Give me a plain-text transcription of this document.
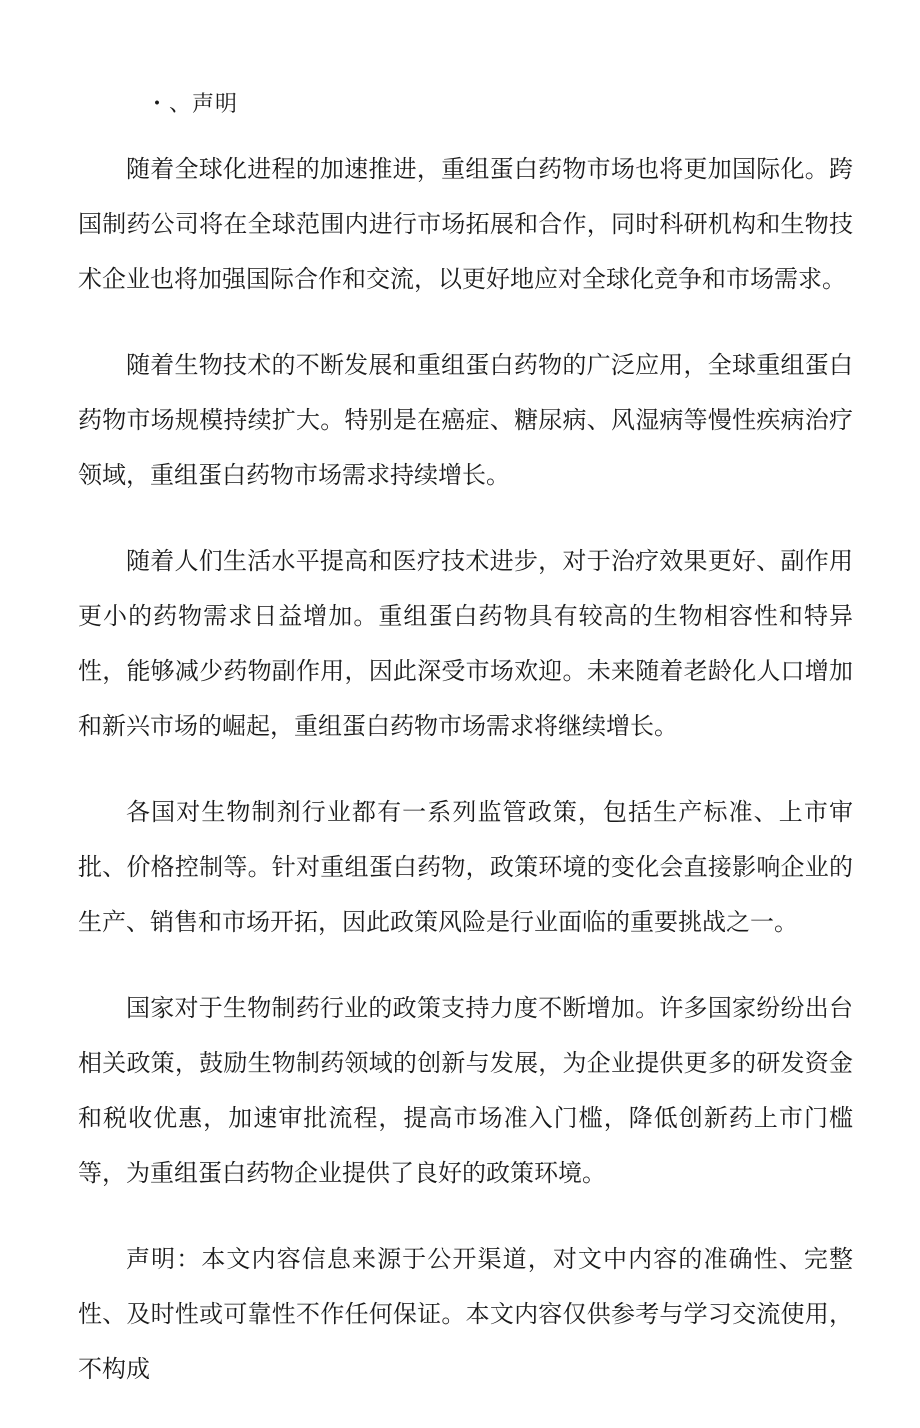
・、声明

随着全球化进程的加速推进，重组蛋白药物市场也将更加国际化。跨国制药公司将在全球范围内进行市场拓展和合作，同时科研机构和生物技术企业也将加强国际合作和交流，以更好地应对全球化竞争和市场需求。

随着生物技术的不断发展和重组蛋白药物的广泛应用，全球重组蛋白药物市场规模持续扩大。特别是在癌症、糖尿病、风湿病等慢性疾病治疗领域，重组蛋白药物市场需求持续增长。

随着人们生活水平提高和医疗技术进步，对于治疗效果更好、副作用更小的药物需求日益增加。重组蛋白药物具有较高的生物相容性和特异性，能够减少药物副作用，因此深受市场欢迎。未来随着老龄化人口增加和新兴市场的崛起，重组蛋白药物市场需求将继续增长。

各国对生物制剂行业都有一系列监管政策，包括生产标准、上市审批、价格控制等。针对重组蛋白药物，政策环境的变化会直接影响企业的生产、销售和市场开拓，因此政策风险是行业面临的重要挑战之一。

国家对于生物制药行业的政策支持力度不断增加。许多国家纷纷出台相关政策，鼓励生物制药领域的创新与发展，为企业提供更多的研发资金和税收优惠，加速审批流程，提高市场准入门槛，降低创新药上市门槛等，为重组蛋白药物企业提供了良好的政策环境。

声明：本文内容信息来源于公开渠道，对文中内容的准确性、完整性、及时性或可靠性不作任何保证。本文内容仅供参考与学习交流使用，不构成
